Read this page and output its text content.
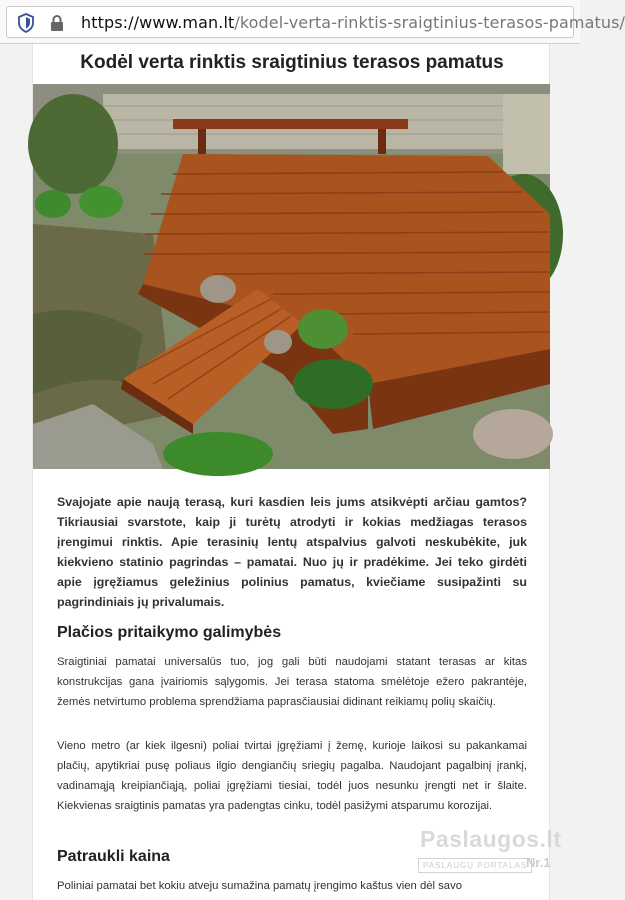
https://www.man.lt/kodel-verta-rinktis-sraigtinius-terasos-pamatus/
Kodėl verta rinktis sraigtinius terasos pamatus

Svajojate apie naują terasą, kuri kasdien leis jums atsikvėpti arčiau gamtos? Tikriausiai svarstote, kaip ji turėtų atrodyti ir kokias medžiagas terasos įrengimui rinktis. Apie terasinių lentų atspalvius galvoti neskubėkite, juk kiekvieno statinio pagrindas – pamatai. Nuo jų ir pradėkime. Jei teko girdėti apie įgręžiamus geležinius polinius pamatus, kviečiame susipažinti su pagrindiniais jų privalumais.

Plačios pritaikymo galimybės

Sraigtiniai pamatai universalūs tuo, jog gali būti naudojami statant terasas ar kitas konstrukcijas gana įvairiomis sąlygomis. Jei terasa statoma smėlėtoje ežero pakrantėje, žemės netvirtumo problema sprendžiama paprasčiausiai didinant reikiamų polių skaičių.

Vieno metro (ar kiek ilgesni) poliai tvirtai įgręžiami į žemę, kurioje laikosi su pakankamai plačių, apytikriai pusę poliaus ilgio dengiančių sriegių pagalba. Naudojant pagalbinį įrankį, vadinamąją kreipiančiąją, poliai įgręžiami tiesiai, todėl juos nesunku įrengti net ir šlaite. Kiekvienas sraigtinis pamatas yra padengtas cinku, todėl pasižymi atsparumu korozijai.

Patraukli kaina

Poliniai pamatai bet kokiu atveju sumažina pamatų įrengimo kaštus vien dėl savo

Paslaugos.lt
PASLAUGŲ PORTALAS
Nr.1
